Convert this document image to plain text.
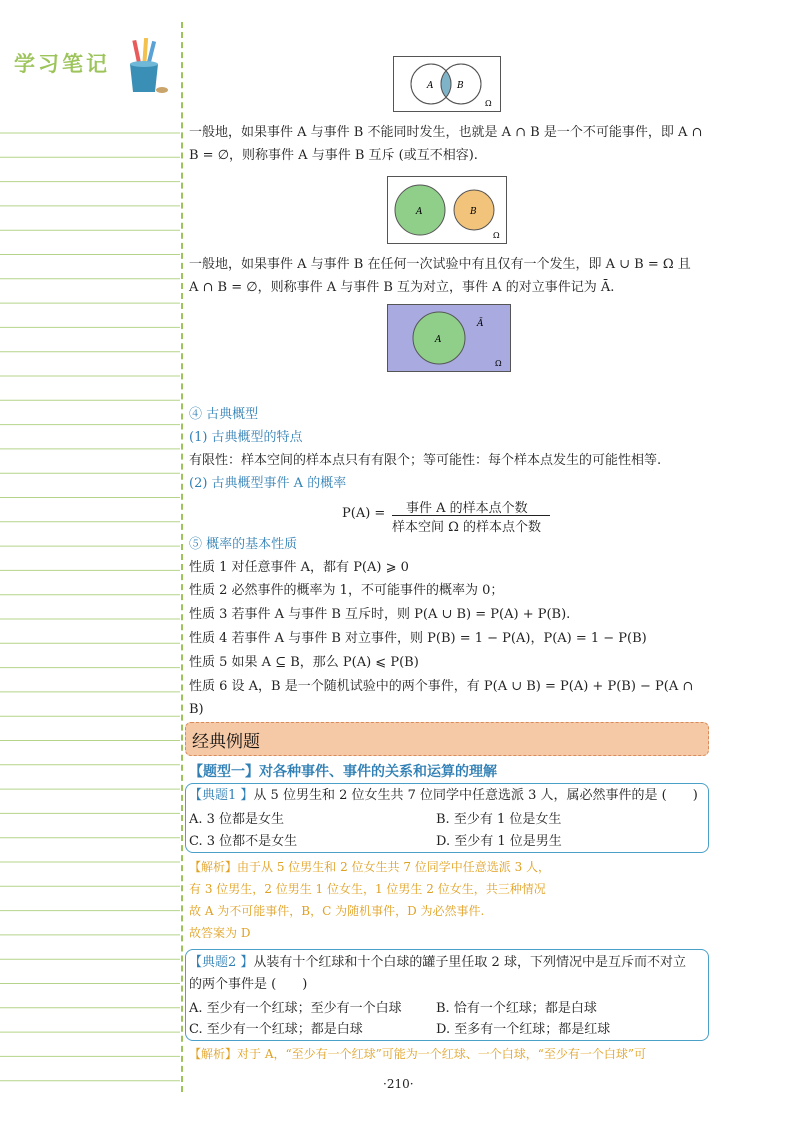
学习笔记
A	B
Ω
一般地，如果事件 A 与事件 B 不能同时发生，也就是 A ∩ B 是一个不可能事件，即 A ∩
B = ∅，则称事件 A 与事件 B 互斥 (或互不相容).
A	B
Ω
一般地，如果事件 A 与事件 B 在任何一次试验中有且仅有一个发生，即 A ∪ B = Ω 且
A ∩ B = ∅，则称事件 A 与事件 B 互为对立，事件 A 的对立事件记为 Ā.
A
Ā
Ω
④ 古典概型
(1) 古典概型的特点
有限性：样本空间的样本点只有有限个；等可能性：每个样本点发生的可能性相等.
(2) 古典概型事件 A 的概率
P(A) = 事件 A 的样本点个数
样本空间 Ω 的样本点个数
⑤ 概率的基本性质
性质 1 对任意事件 A，都有 P(A) ⩾ 0
性质 2 必然事件的概率为 1，不可能事件的概率为 0；
性质 3 若事件 A 与事件 B 互斥时，则 P(A ∪ B) = P(A) + P(B).
性质 4 若事件 A 与事件 B 对立事件，则 P(B) = 1 − P(A)，P(A) = 1 − P(B)
性质 5 如果 A ⊆ B，那么 P(A) ⩽ P(B)
性质 6 设 A，B 是一个随机试验中的两个事件，有 P(A ∪ B) = P(A) + P(B) − P(A ∩
B)
经典例题
【题型一】对各种事件、事件的关系和运算的理解
【典题1 】从 5 位男生和 2 位女生共 7 位同学中任意选派 3 人，属必然事件的是 (　　)
A. 3 位都是女生	B. 至少有 1 位是女生
C. 3 位都不是女生	D. 至少有 1 位是男生
【解析】由于从 5 位男生和 2 位女生共 7 位同学中任意选派 3 人，
有 3 位男生，2 位男生 1 位女生，1 位男生 2 位女生，共三种情况
故 A 为不可能事件，B，C 为随机事件，D 为必然事件.
故答案为 D
【典题2 】从装有十个红球和十个白球的罐子里任取 2 球，下列情况中是互斥而不对立
的两个事件是 (　　)
A. 至少有一个红球；至少有一个白球	B. 恰有一个红球；都是白球
C. 至少有一个红球；都是白球	D. 至多有一个红球；都是红球
【解析】对于 A，“至少有一个红球”可能为一个红球、一个白球，“至少有一个白球”可
·210·
